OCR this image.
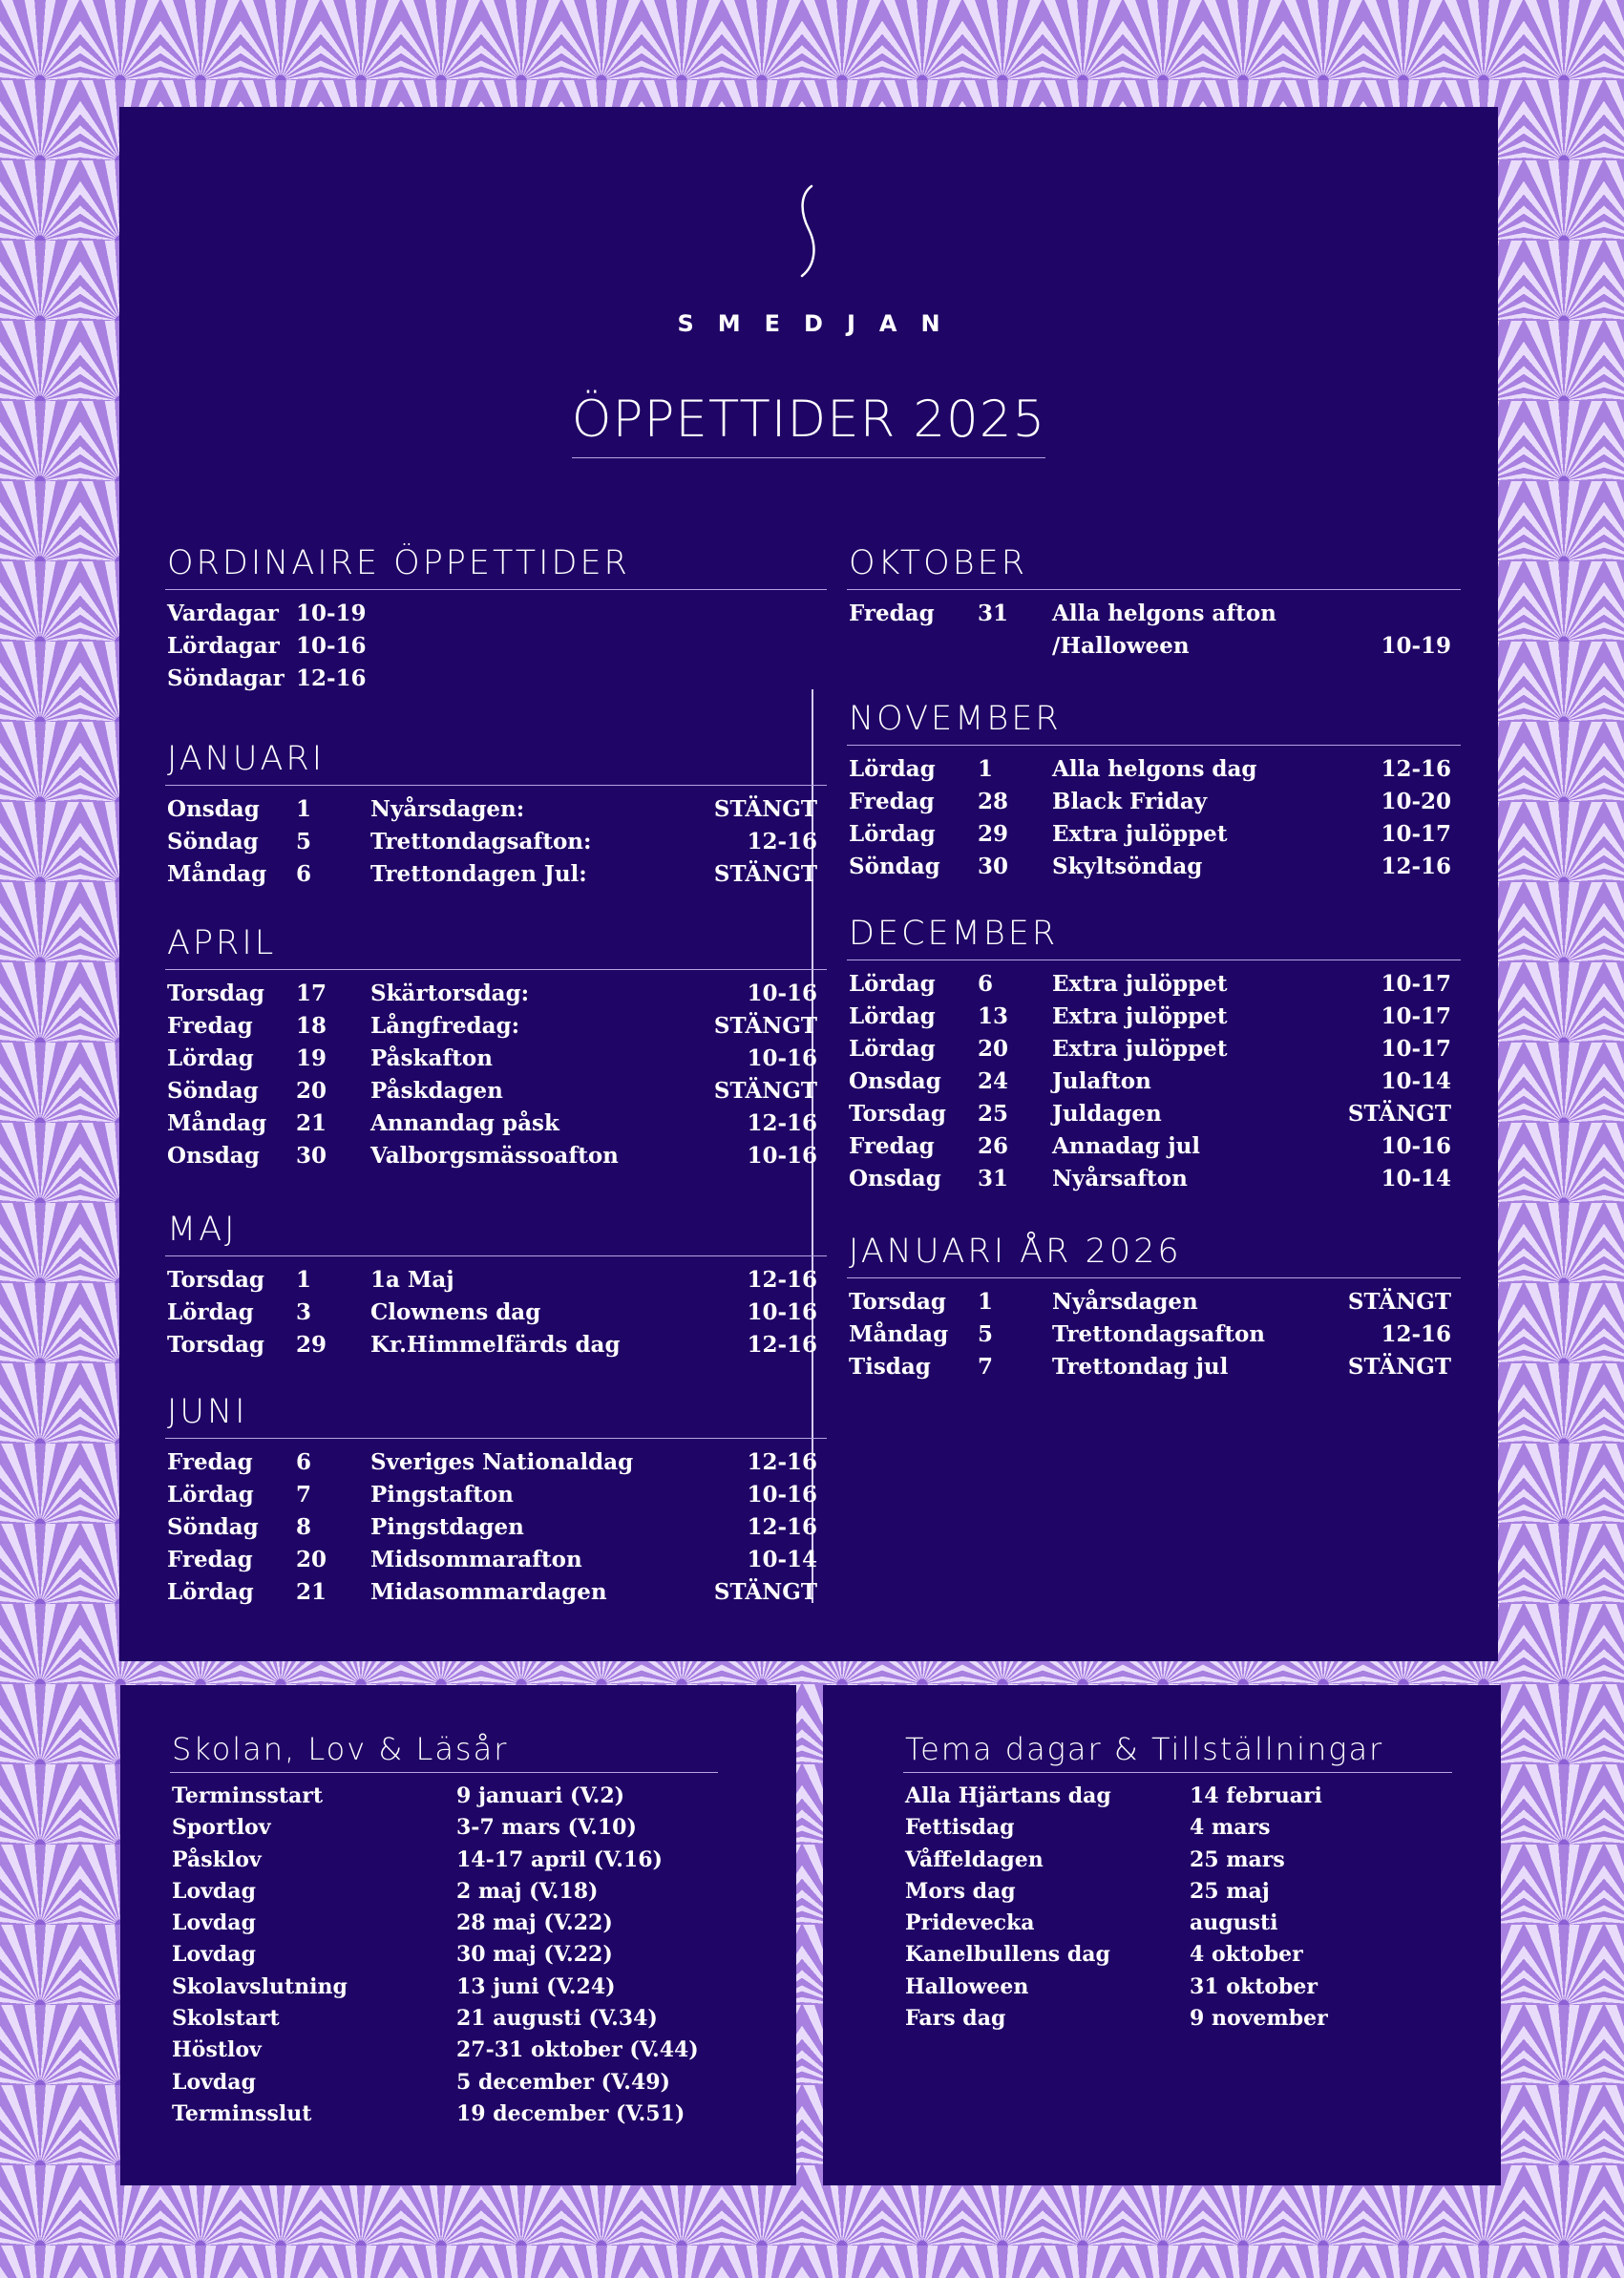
SMEDJAN
ÖPPETTIDER 2025
ORDINAIRE ÖPPETTIDER
Vardagar 10-19
Lördagar 10-16
Söndagar 12-16
JANUARI
Onsdag 1	Nyårsdagen:	STÄNGT
Söndag 5	Trettondagsafton:	12-16
Måndag 6	Trettondagen Jul:	STÄNGT
APRIL
Torsdag 17 Skärtorsdag:	10-16
Fredag 18 Långfredag:	STÄNGT
Lördag 19 Påskafton	10-16
Söndag 20 Påskdagen	STÄNGT
Måndag 21 Annandag påsk	12-16
Onsdag 30 Valborgsmässoafton	10-16
MAJ
Torsdag 1	1a Maj	12-16
Lördag 3	Clownens dag	10-16
Torsdag 29 Kr.Himmelfärds dag	12-16
JUNI
Fredag 6	Sveriges Nationaldag	12-16
Lördag 7	Pingstafton	10-16
Söndag 8	Pingstdagen	12-16
Fredag 20 Midsommarafton	10-14
Lördag 21 Midasommardagen	STÄNGT
OKTOBER
Fredag 31 Alla helgons afton
/Halloween	10-19
NOVEMBER
Lördag 1	Alla helgons dag	12-16
Fredag 28 Black Friday	10-20
Lördag 29 Extra julöppet	10-17
Söndag 30 Skyltsöndag	12-16
DECEMBER
Lördag 6	Extra julöppet	10-17
Lördag 13 Extra julöppet	10-17
Lördag 20 Extra julöppet	10-17
Onsdag 24 Julafton	10-14
Torsdag 25 Juldagen	STÄNGT
Fredag 26 Annadag jul	10-16
Onsdag 31 Nyårsafton	10-14
JANUARI ÅR 2026
Torsdag 1	Nyårsdagen	STÄNGT
Måndag 5	Trettondagsafton	12-16
Tisdag 7	Trettondag jul	STÄNGT
Skolan, Lov & Läsår
Terminsstart	9 januari (V.2)
Sportlov	3-7 mars (V.10)
Påsklov	14-17 april (V.16)
Lovdag	2 maj (V.18)
Lovdag	28 maj (V.22)
Lovdag	30 maj (V.22)
Skolavslutning	13 juni (V.24)
Skolstart	21 augusti (V.34)
Höstlov	27-31 oktober (V.44)
Lovdag	5 december (V.49)
Terminsslut	19 december (V.51)
Tema dagar & Tillställningar
Alla Hjärtans dag	14 februari
Fettisdag	4 mars
Våffeldagen	25 mars
Mors dag	25 maj
Pridevecka	augusti
Kanelbullens dag	4 oktober
Halloween	31 oktober
Fars dag	9 november
